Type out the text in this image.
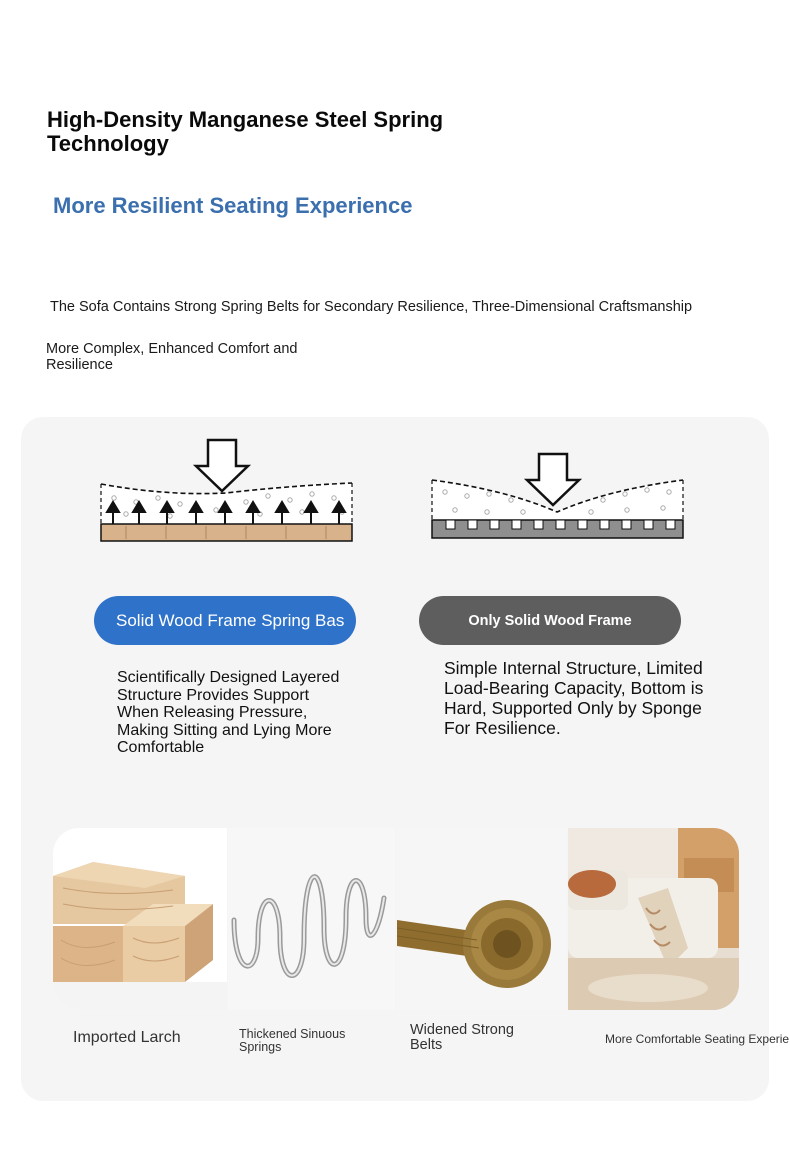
High-Density Manganese Steel Spring Technology
More Resilient Seating Experience
The Sofa Contains Strong Spring Belts for Secondary Resilience, Three-Dimensional Craftsmanship
More Complex, Enhanced Comfort and Resilience
Solid Wood Frame Spring Bas	Only Solid Wood Frame
Scientifically Designed Layered Structure Provides Support When Releasing Pressure, Making Sitting and Lying More Comfortable
Simple Internal Structure, Limited Load-Bearing Capacity, Bottom is Hard, Supported Only by Sponge
For Resilience.
Imported Larch	Thickened Sinuous Springs
Widened Strong Belts	More Comfortable Seating Experie
